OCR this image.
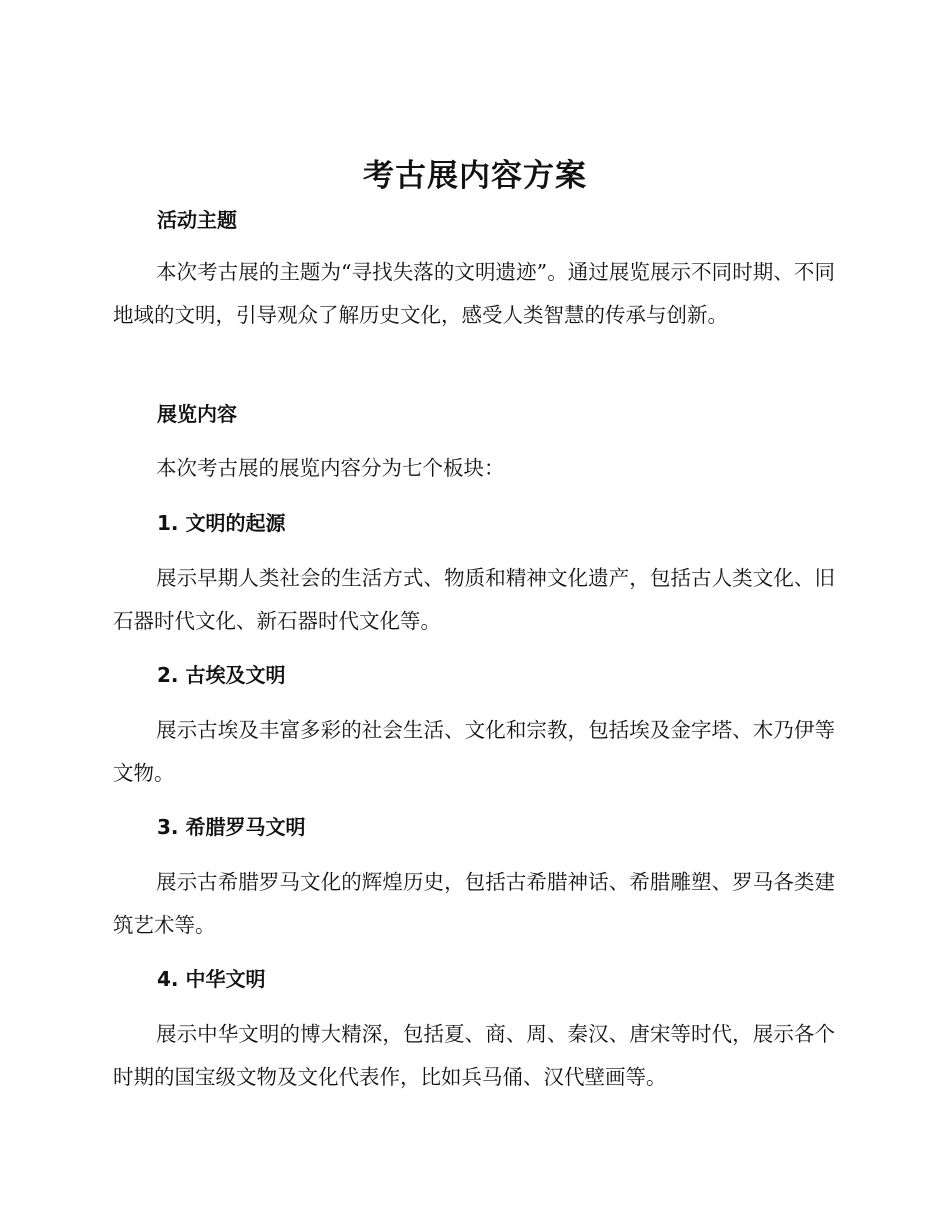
考古展内容方案
活动主题
本次考古展的主题为“寻找失落的文明遗迹”。通过展览展示不同时期、不同地域的文明，引导观众了解历史文化，感受人类智慧的传承与创新。
展览内容
本次考古展的展览内容分为七个板块：
1. 文明的起源
展示早期人类社会的生活方式、物质和精神文化遗产，包括古人类文化、旧石器时代文化、新石器时代文化等。
2. 古埃及文明
展示古埃及丰富多彩的社会生活、文化和宗教，包括埃及金字塔、木乃伊等文物。
3. 希腊罗马文明
展示古希腊罗马文化的辉煌历史，包括古希腊神话、希腊雕塑、罗马各类建筑艺术等。
4. 中华文明
展示中华文明的博大精深，包括夏、商、周、秦汉、唐宋等时代，展示各个时期的国宝级文物及文化代表作，比如兵马俑、汉代壁画等。
